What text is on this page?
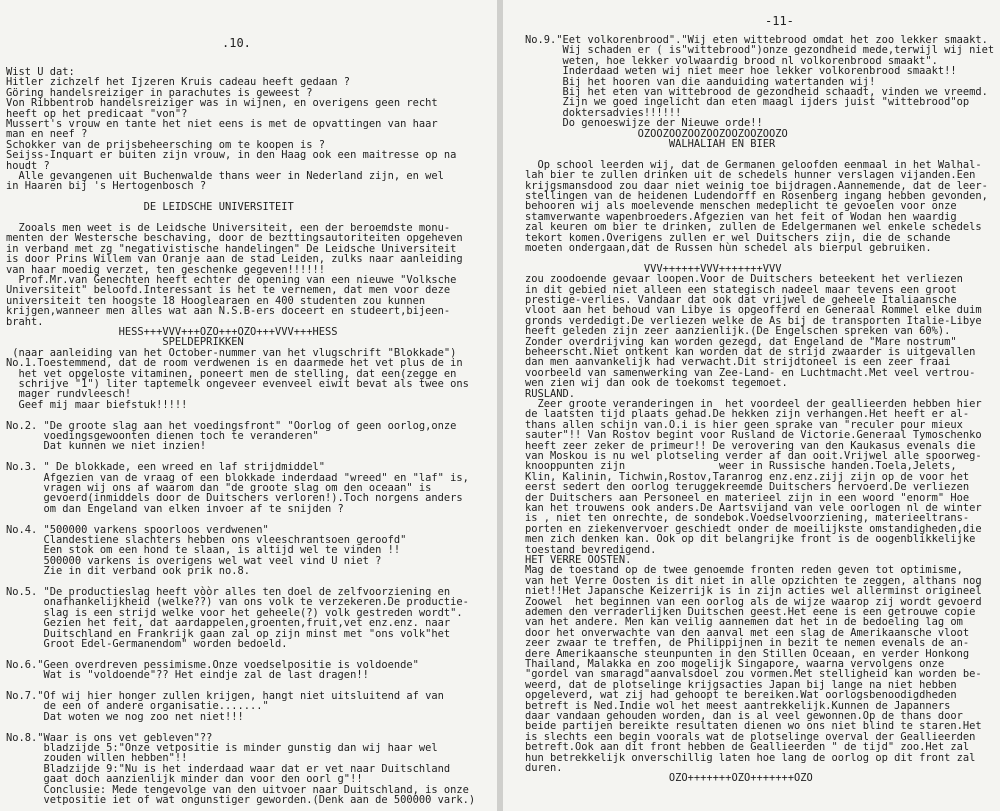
.10.
Wist U dat:
Hitler zichzelf het Ijzeren Kruis cadeau heeft gedaan ?
Göring handelsreiziger in parachutes is geweest ?
Von Ribbentrob handelsreiziger was in wijnen, en overigens geen recht
heeft op het predicaat "von"?
Mussert's vrouw en tante het niet eens is met de opvattingen van haar
man en neef ?
Schokker van de prijsbeheersching om te koopen is ?
Seijss-Inquart er buiten zijn vrouw, in den Haag ook een maitresse op na
houdt ?
Alle gevangenen uit Buchenwalde thans weer in Nederland zijn, en wel
in Haaren bij 's Hertogenbosch ?
DE LEIDSCHE UNIVERSITEIT
Zooals men weet is de Leidsche Universiteit, een der beroemdste monu-
menten der Westersche beschaving, door de bezttingsautoriteiten opgeheven
in verband met zg "negativistische handelingen" De Leidsche Universiteit
is door Prins Willem van Oranje aan de stad Leiden, zulks naar aanleiding
van haar moedig verzet, ten geschenke gegeven!!!!!!
Prof.Mr.van Genechten heeft echter de opening van een nieuwe "Volksche
Universiteit" beloofd.Interessant is het te vernemen, dat men voor deze
universiteit ten hoogste 18 Hooglearaen en 400 studenten zou kunnen
krijgen,wanneer men alles wat aan N.S.B-ers doceert en studeert,bijeen-
braht.
HESS+++VVV+++OZO+++OZO+++VVV+++HESS
SPELDEPRIKKEN
(naar aanleiding van het October-nummer van het vlugschrift "Blokkade")
No.1.Toestemmend, dat de room verdwenen is en daarmede het vet plus de in
het vet opgeloste vitaminen, poneert men de stelling, dat een(zegge en
schrijve "1") liter taptemelk ongeveer evenveel eiwit bevat als twee ons
mager rundvleesch!
Geef mij maar biefstuk!!!!!
No.2. "De groote slag aan het voedingsfront" "Oorlog of geen oorlog,onze
voedingsgewoonten dienen toch te veranderen"
Dat kunnen we niet inzien!
No.3. " De blokkade, een wreed en laf strijdmiddel"
Afgezien van de vraag of een blokkade inderdaad "wreed" en "laf" is,
vragen wij ons af waarom dan "de groote slag om den oceaan" is
gevoerd(inmiddels door de Duitschers verloren!).Toch norgens anders
om dan Engeland van elken invoer af te snijden ?
No.4. "500000 varkens spoorloos verdwenen"
Clandestiene slachters hebben ons vleeschrantsoen geroofd"
Een stok om een hond te slaan, is altijd wel te vinden !!
500000 varkens is overigens wel wat veel vind U niet ?
Zie in dit verband ook prik no.8.
No.5. "De productieslag heeft vòòr alles ten doel de zelfvoorziening en
onafhankelijkheid (welke??) van ons volk te verzekeren.De productie-
slag is een strijd welke voor het geheele(?) volk gestreden wordt".
Gezien het feit, dat aardappelen,groenten,fruit,vet enz.enz. naar
Duitschland en Frankrijk gaan zal op zijn minst met "ons volk"het
Groot Edel-Germanendom" worden bedoeld.
No.6."Geen overdreven pessimisme.Onze voedselpositie is voldoende"
Wat is "voldoende"?? Het eindje zal de last dragen!!
No.7."Of wij hier honger zullen krijgen, hangt niet uitsluitend af van
de een of andere organisatie......."
Dat woten we nog zoo net niet!!!
No.8."Waar is ons vet gebleven"??
bladzijde 5:"Onze vetpositie is minder gunstig dan wij haar wel
zouden willen hebben"!!
Bladzijde 9:"Nu is het inderdaad waar dat er vet naar Duitschland
gaat doch aanzienlijk minder dan voor den oorl g"!!
Conclusie: Mede tengevolge van den uitvoer naar Duitschland, is onze
vetpositie iet of wat ongunstiger geworden.(Denk aan de 500000 vark.)
-11-
No.9."Eet volkorenbrood"."Wij eten wittebrood omdat het zoo lekker smaakt.
Wij schaden er ( is"wittebrood")onze gezondheid mede,terwijl wij niet
weten, hoe lekker volwaardig brood nl volkorenbrood smaakt".
Inderdaad weten wij niet meer hoe lekker volkorenbrood smaakt!!
Bij het hooren van die aanduiding watertanden wij!
Bij het eten van wittebrood de gezondheid schaadt, vinden we vreemd.
Zijn we goed ingelicht dan eten maagl ijders juist "wittebrood"op
doktersadvies!!!!!!
Do genoeswijze der Nieuwe orde!!
OZOOZOOZOOZOOZOOZOOZOOZO
WALHALIAH EN BIER
Op school leerden wij, dat de Germanen geloofden eenmaal in het Walhal-
lah bier te zullen drinken uit de schedels hunner verslagen vijanden.Een
krijgsmansdood zou daar niet weinig toe bijdragen.Aannemende, dat de leer-
stellingen van de heidenen Ludendorff en Rosenberg ingang hebben gevonden,
behooren wij als moelevende menschen medeplicht te gevoelen voor onze
stamverwante wapenbroeders.Afgezien van het feit of Wodan hen waardig
zal keuren om bier te drinken, zullen de Edelgermanen wel enkele schedels
tekort komen.Overigens zullen er wel Duitschers zijn, die de schande
moeten ondergaan,dat de Russen hùn schedel als bierpul gebruiken.
VVV++++++VVV+++++++VVV
zou zoodoende gevaar loopen.Voor de Duitschers beteekent het verliezen
in dit gebied niet alleen een stategisch nadeel maar tevens een groot
prestige-verlies. Vandaar dat ook dat vrijwel de geheele Italiaansche
vloot aan het behoud van Libye is opgeofferd en Generaal Rommel elke duim
gronds verdedigt.De verliezen welke de As bij de transporten Italie-Libye
heeft geleden zijn zeer aanzienlijk.(De Engelschen spreken van 60%).
Zonder overdrijving kan worden gezegd, dat Engeland de "Mare nostrum"
beheerscht.Niet ontkent kan worden dat de strijd zwaarder is uitgevallen
dan men aanvankelijk had verwacht.Dit strijdtoneel is een zeer fraai
voorbeeld van samenwerking van Zee-Land- en Luchtmacht.Met veel vertrou-
wen zien wij dan ook de toekomst tegemoet.
RUSLAND.
Zeer groote veranderingen in  het voordeel der geallieerden hebben hier
de laatsten tijd plaats gehad.De hekken zijn verhangen.Het heeft er al-
thans allen schijn van.O.i is hier geen sprake van "reculer pour mieux
sauter"!! Van Rostov begint voor Rusland de Victorie.Generaal Tymoschenko
heeft zeer zeker de primeur!! De verovering van den Kaukasus evenals die
van Moskou is nu wel plotseling verder af dan ooit.Vrijwel alle spoorweg-
knooppunten zijn               weer in Russische handen.Toela,Jelets,
Klin, Kalinin, Tichwin,Rostov,Taranrog enz.enz.zijj zijn op de voor het
eerst sedert den oorlog teruggekreemde Duitschers hervoerd.De verliezen
der Duitschers aan Personeel en materieel zijn in een woord "enorm" Hoe
kan het trouwens ook anders.De Aartsvijand van vele oorlogen nl de winter
is , niet ten onrechte, de sondebok.Voedselvoorziening, materieeltrans-
porten en ziekenvervoer geschiedt onder de moeilijkste omstandigheden,die
men zich denken kan. Ook op dit belangrijke front is de oogenblikkelijke
toestand bevredigend.
HET VERRE OOSTEN.
Mag de toestand op de twee genoemde fronten reden geven tot optimisme,
van het Verre Oosten is dit niet in alle opzichten te zeggen, althans nog
niet!!Het Japansche Keizerrijk is in zijn acties wel allerminst origineel
Zoowel  het beginnen van een oorlog als de wijze waarop zij wordt gevoerd
ademen den verraderlijken Duitschen geest.Het eene is een getrouwe copie
van het andere. Men kan veilig aannemen dat het in de bedoeling lag om
door het onverwachte van den aanval met een slag de Amerikaansche vloot
zeer zwaar te treffen, de Philippijnen in bezit te nemen evenals de an-
dere Amerikaansche steunpunten in den Stillen Oceaan, en verder Honkong
Thailand, Malakka en zoo mogelijk Singapore, waarna vervolgens onze
"gordel van smaragd"aanvalsdoel zou vormen.Met stelligheid kan worden be-
weerd, dat de plotselinge krijgsacties Japan bij lange na niet hebben
opgeleverd, wat zij had gehoopt te bereiken.Wat oorlogsbenoodigdheden
betreft is Ned.Indie wol het meest aantrekkelijk.Kunnen de Japanners
daar vandaan gehouden worden, dan is al veel gewonnen.Op de thans door
beide partijen bereikte resultaten dienen wo ons niet blind te staren.Het
is slechts een begin voorals wat de plotselinge overval der Geallieerden
betreft.Ook aan dit front hebben de Geallieerden " de tijd" zoo.Het zal
hun betrekkelijk onverschillig laten hoe lang de oorlog op dit front zal
duren.
OZO+++++++OZO+++++++OZO
